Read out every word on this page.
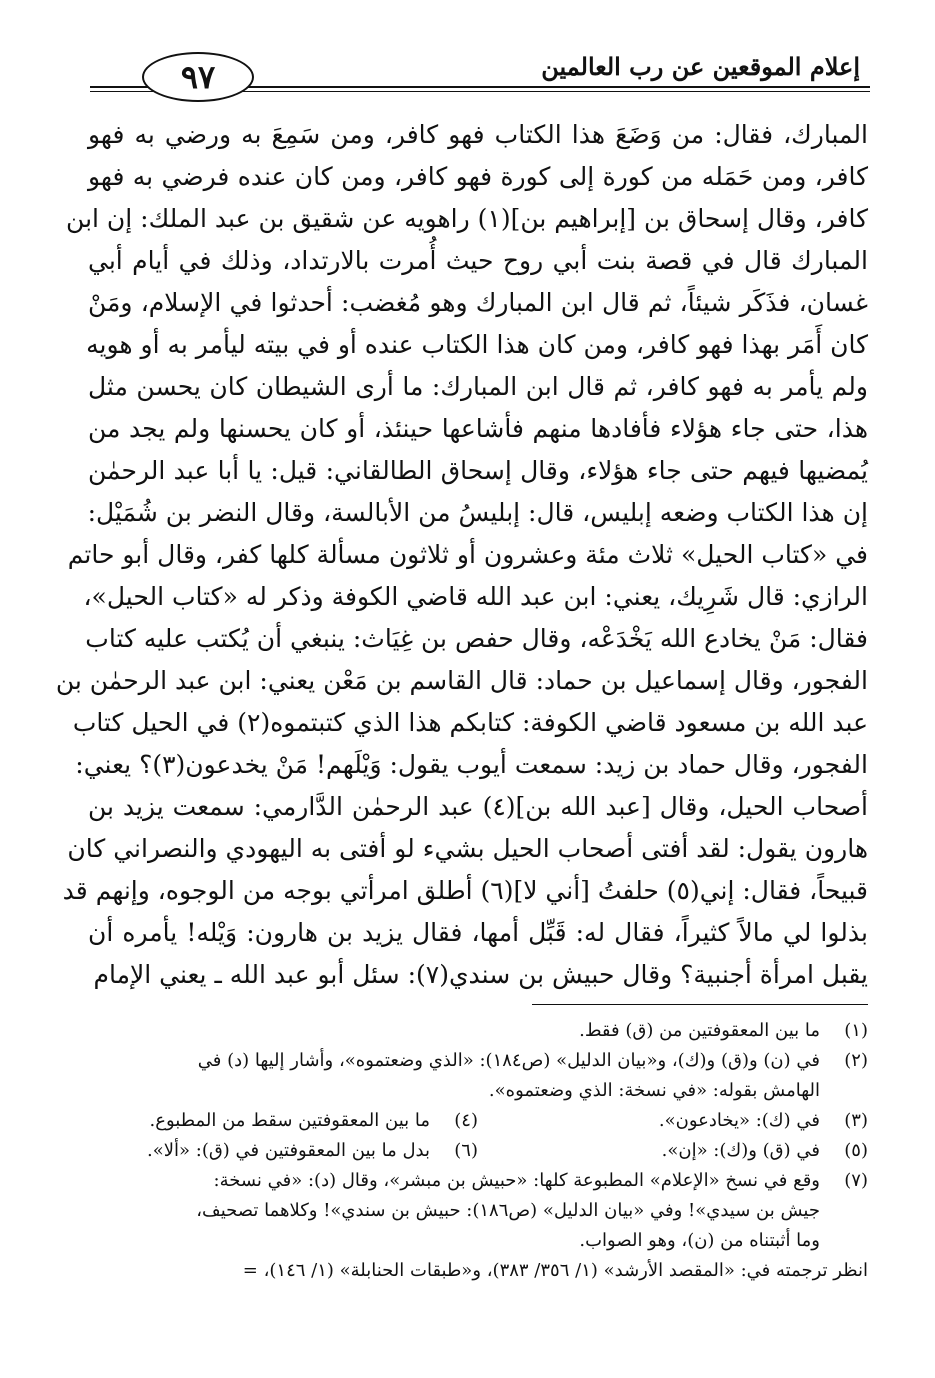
٩٧	إعلام الموقعين عن رب العالمين
المبارك، فقال: من وَضَعَ هذا الكتاب فهو كافر، ومن سَمِعَ به ورضي به فهو
كافر، ومن حَمَله من كورة إلى كورة فهو كافر، ومن كان عنده فرضي به فهو
كافر، وقال إسحاق بن [إبراهيم بن](١) راهويه عن شقيق بن عبد الملك: إن ابن
المبارك قال في قصة بنت أبي روح حيث أُمرت بالارتداد، وذلك في أيام أبي
غسان، فذَكَر شيئاً، ثم قال ابن المبارك وهو مُغضب: أحدثوا في الإسلام، ومَنْ
كان أَمَر بهذا فهو كافر، ومن كان هذا الكتاب عنده أو في بيته ليأمر به أو هويه
ولم يأمر به فهو كافر، ثم قال ابن المبارك: ما أرى الشيطان كان يحسن مثل
هذا، حتى جاء هؤلاء فأفادها منهم فأشاعها حينئذ، أو كان يحسنها ولم يجد من
يُمضيها فيهم حتى جاء هؤلاء، وقال إسحاق الطالقاني: قيل: يا أبا عبد الرحمٰن
إن هذا الكتاب وضعه إبليس، قال: إبليسُ من الأبالسة، وقال النضر بن شُمَيْل:
في «كتاب الحيل» ثلاث مئة وعشرون أو ثلاثون مسألة كلها كفر، وقال أبو حاتم
الرازي: قال شَرِيك، يعني: ابن عبد الله قاضي الكوفة وذكر له «كتاب الحيل»،
فقال: مَنْ يخادع الله يَخْدَعْه، وقال حفص بن غِيَاث: ينبغي أن يُكتب عليه كتاب
الفجور، وقال إسماعيل بن حماد: قال القاسم بن مَعْن يعني: ابن عبد الرحمٰن بن
عبد الله بن مسعود قاضي الكوفة: كتابكم هذا الذي كتبتموه(٢) في الحيل كتاب
الفجور، وقال حماد بن زيد: سمعت أيوب يقول: وَيْلَهم! مَنْ يخدعون(٣)؟ يعني:
أصحاب الحيل، وقال [عبد الله بن](٤) عبد الرحمٰن الدَّارمي: سمعت يزيد بن
هارون يقول: لقد أفتى أصحاب الحيل بشيء لو أفتى به اليهودي والنصراني كان
قبيحاً، فقال: إني(٥) حلفتُ [أني لا](٦) أطلق امرأتي بوجه من الوجوه، وإنهم قد
بذلوا لي مالاً كثيراً، فقال له: قَبِّل أمها، فقال يزيد بن هارون: وَيْله! يأمره أن
يقبل امرأة أجنبية؟ وقال حبيش بن سندي(٧): سئل أبو عبد الله ـ يعني الإمام
(١)
ما بين المعقوفتين من (ق) فقط.
(٢)
في (ن) و(ق) و(ك)، و«بيان الدليل» (ص١٨٤): «الذي وضعتموه»، وأشار إليها (د) في
الهامش بقوله: «في نسخة: الذي وضعتموه».
(٣)
في (ك): «يخادعون».
(٤)
ما بين المعقوفتين سقط من المطبوع.
(٥)
في (ق) و(ك): «إن».
(٦)
بدل ما بين المعقوفتين في (ق): «ألا».
(٧)
وقع في نسخ «الإعلام» المطبوعة كلها: «حبيش بن مبشر»، وقال (د): «في نسخة:
جيش بن سيدي»! وفي «بيان الدليل» (ص١٨٦): حبيش بن سندي»! وكلاهما تصحيف،
وما أثبتناه من (ن)، وهو الصواب.
انظر ترجمته في: «المقصد الأرشد» (١/ ٣٥٦/ ٣٨٣)، و«طبقات الحنابلة» (١/ ١٤٦)، =
